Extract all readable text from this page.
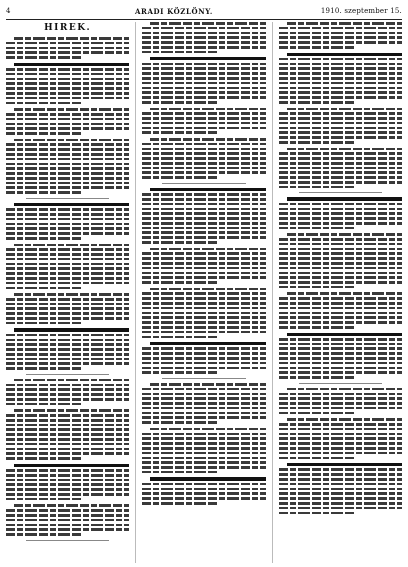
4	ARADI KÖZLÖNY.	1910. szeptember 15.
HIREK.
